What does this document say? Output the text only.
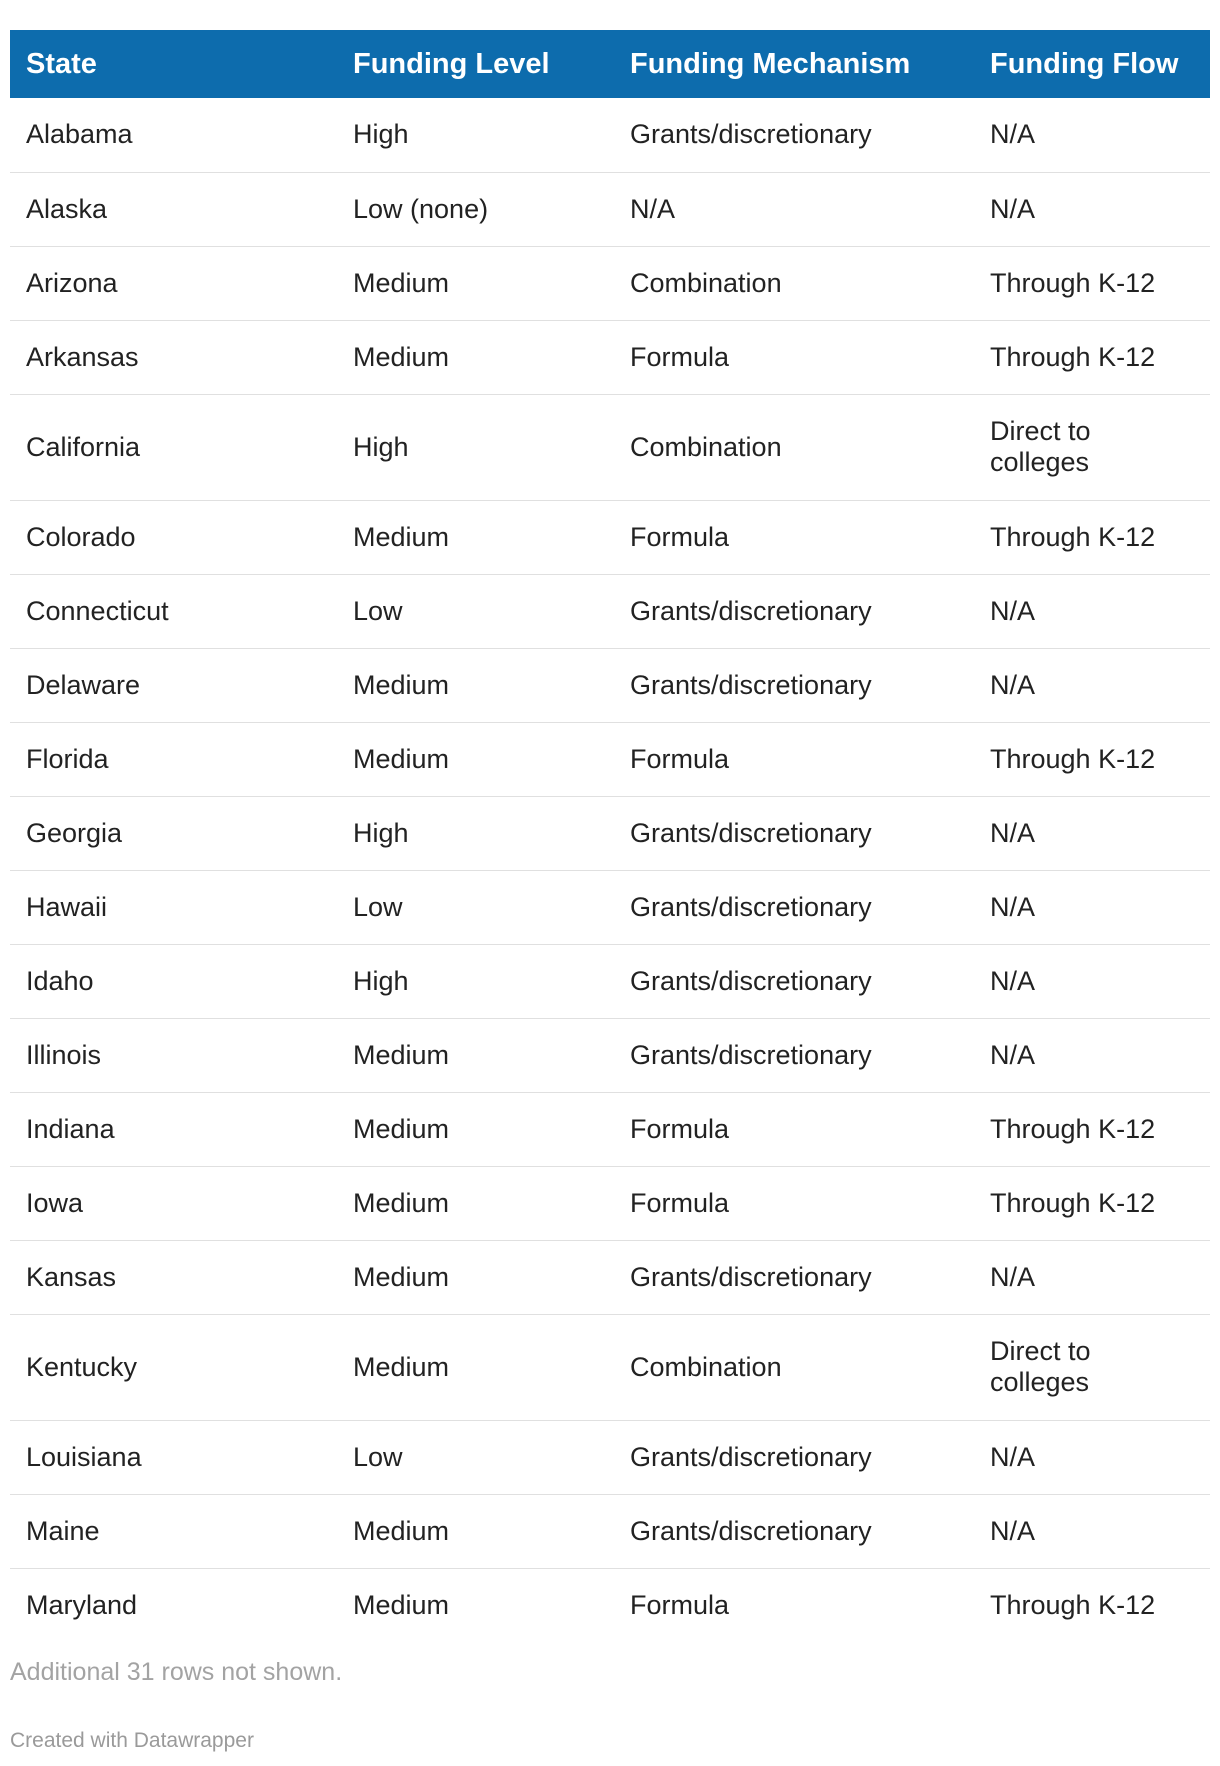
State	Funding Level	Funding Mechanism	Funding Flow
Alabama	High	Grants/discretionary	N/A
Alaska	Low (none)	N/A	N/A
Arizona	Medium	Combination	Through K-12
Arkansas	Medium	Formula	Through K-12
California	High	Combination	Direct to colleges
Colorado	Medium	Formula	Through K-12
Connecticut	Low	Grants/discretionary	N/A
Delaware	Medium	Grants/discretionary	N/A
Florida	Medium	Formula	Through K-12
Georgia	High	Grants/discretionary	N/A
Hawaii	Low	Grants/discretionary	N/A
Idaho	High	Grants/discretionary	N/A
Illinois	Medium	Grants/discretionary	N/A
Indiana	Medium	Formula	Through K-12
Iowa	Medium	Formula	Through K-12
Kansas	Medium	Grants/discretionary	N/A
Kentucky	Medium	Combination	Direct to colleges
Louisiana	Low	Grants/discretionary	N/A
Maine	Medium	Grants/discretionary	N/A
Maryland	Medium	Formula	Through K-12
Additional 31 rows not shown.
Created with Datawrapper
